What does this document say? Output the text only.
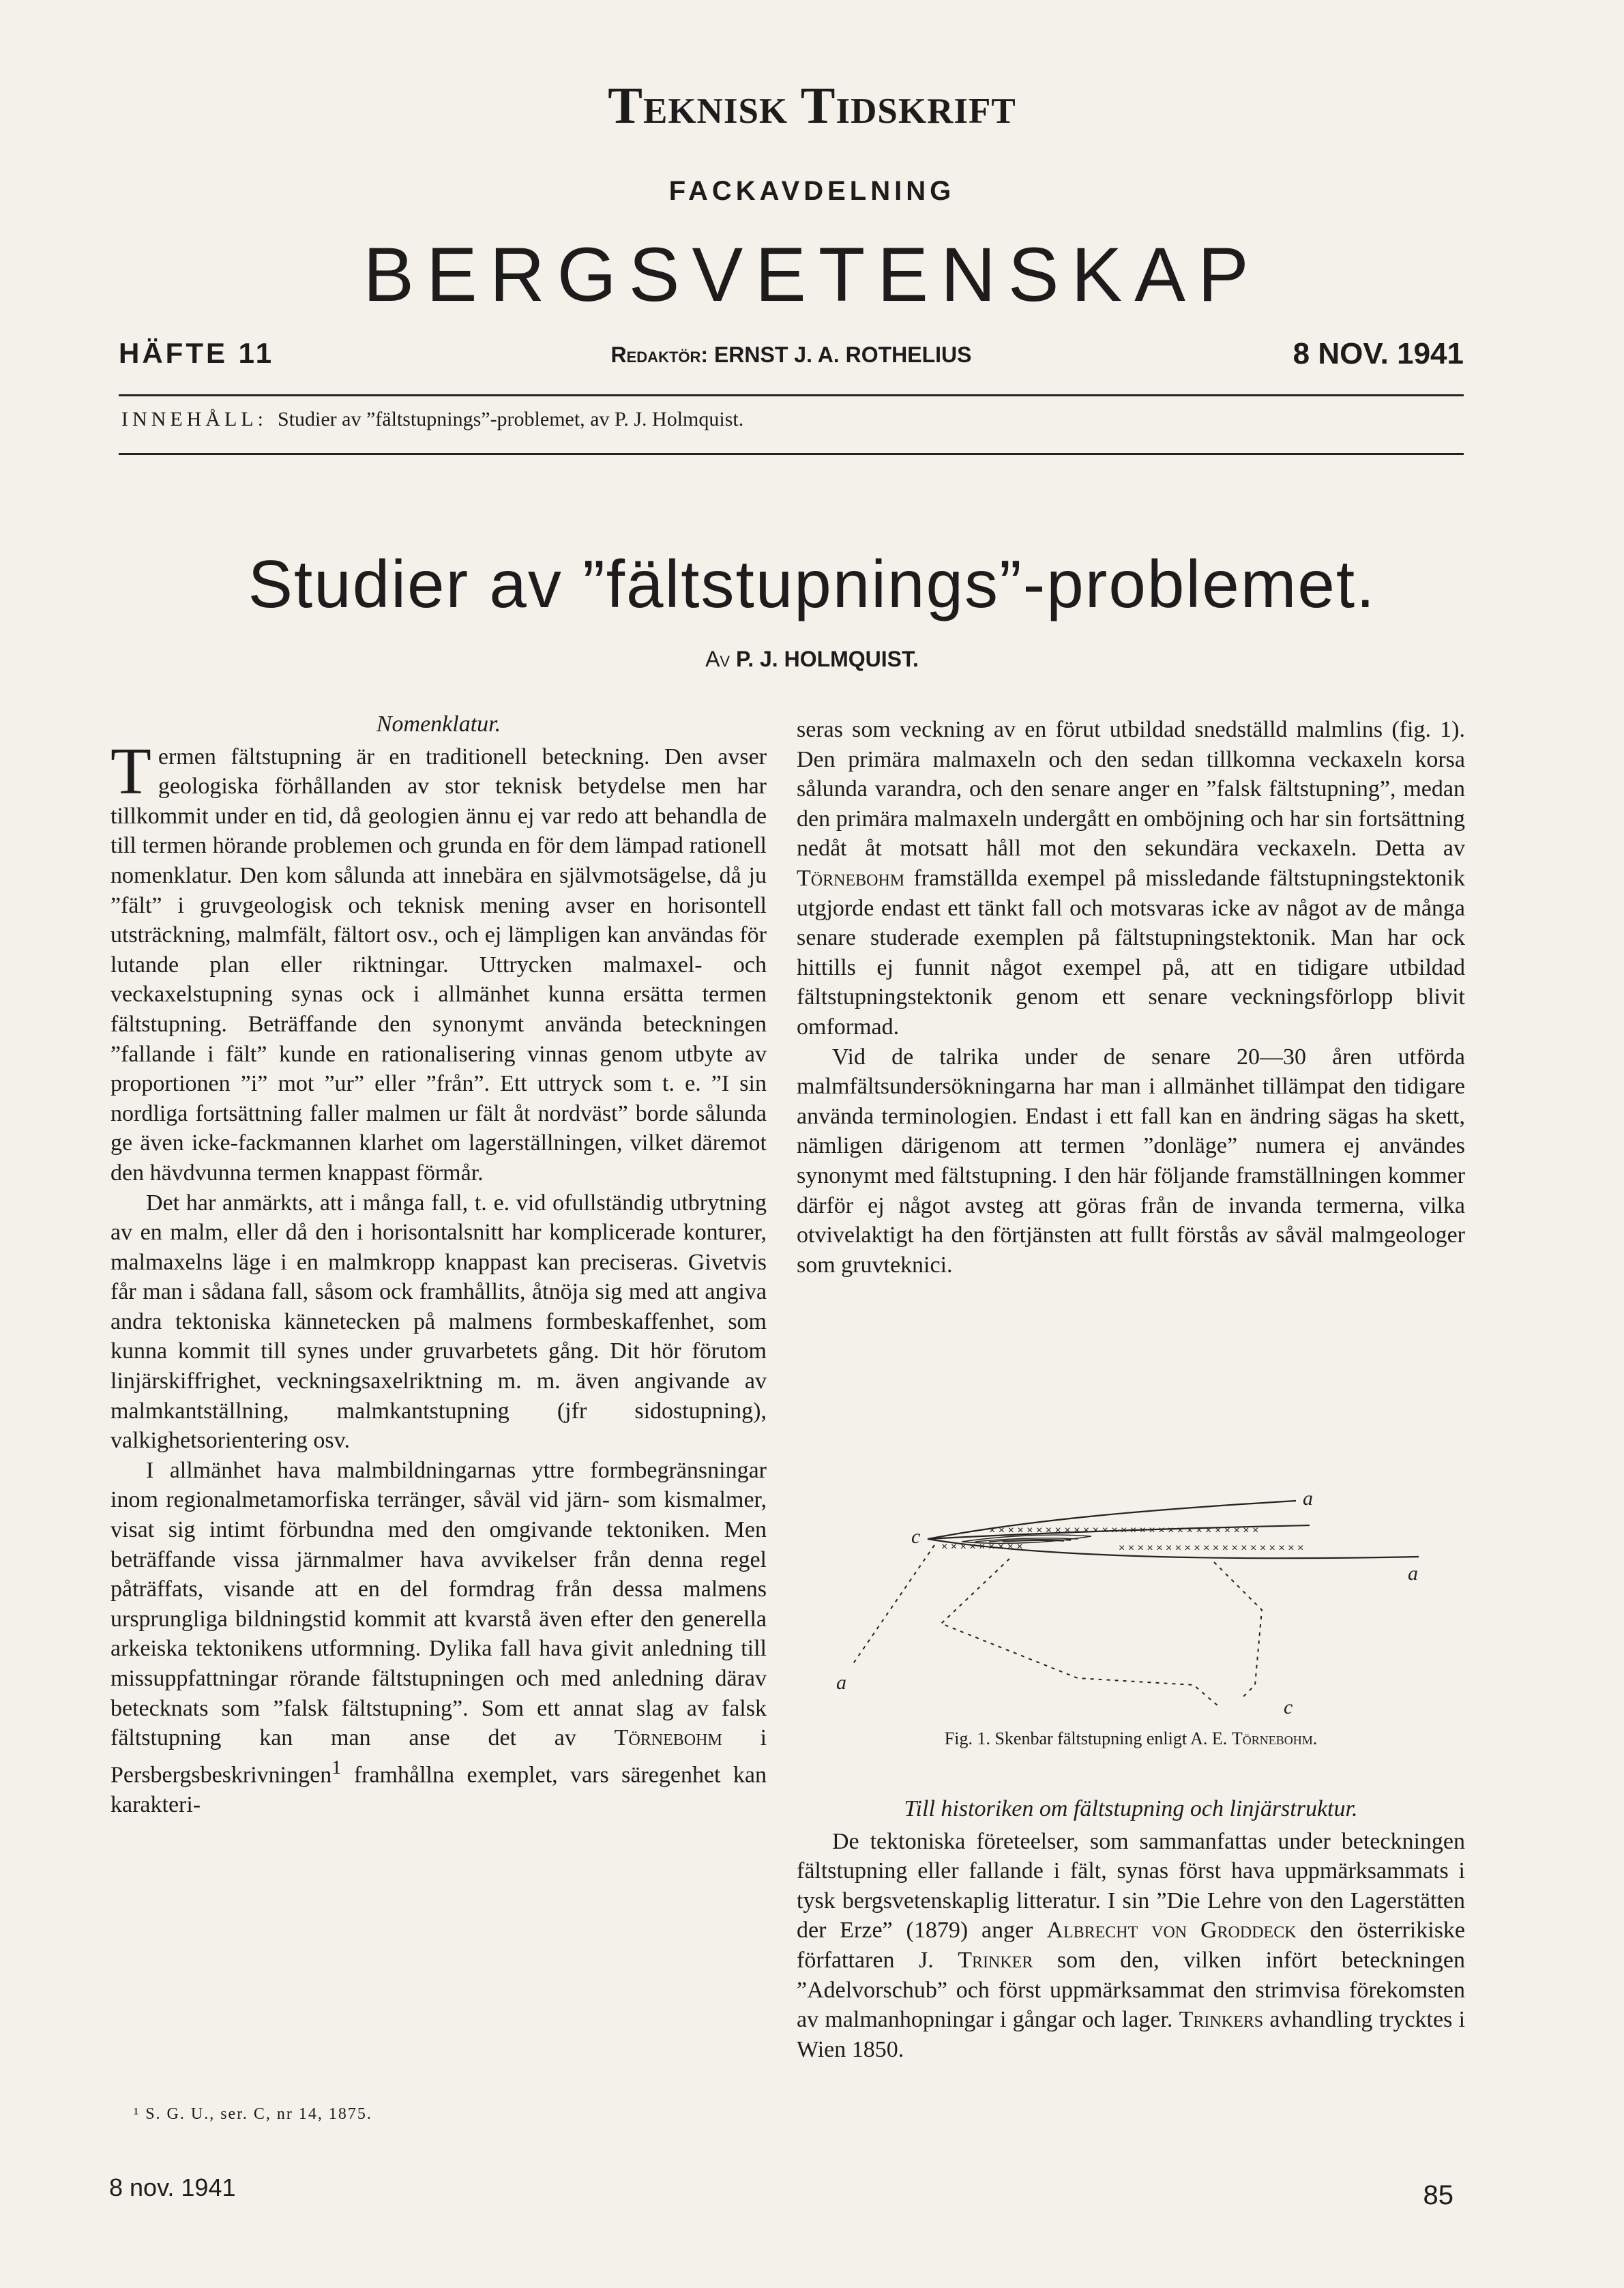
Teknisk Tidskrift
FACKAVDELNING
BERGSVETENSKAP
HÄFTE 11	Redaktör: ERNST J. A. ROTHELIUS	8 NOV. 1941
INNEHÅLL: Studier av ”fältstupnings”-problemet, av P. J. Holmquist.
Studier av ”fältstupnings”-problemet.
Av P. J. HOLMQUIST.
Nomenklatur.

Termen fältstupning är en traditionell beteckning. Den avser geologiska förhållanden av stor teknisk betydelse men har tillkommit under en tid, då geologien ännu ej var redo att behandla de till termen hörande problemen och grunda en för dem lämpad rationell nomenklatur. Den kom sålunda att innebära en självmotsägelse, då ju ”fält” i gruvgeologisk och teknisk mening avser en horisontell utsträckning, malmfält, fältort osv., och ej lämpligen kan användas för lutande plan eller riktningar. Uttrycken malmaxel- och veckaxelstupning synas ock i allmänhet kunna ersätta termen fältstupning. Beträffande den synonymt använda beteckningen ”fallande i fält” kunde en rationalisering vinnas genom utbyte av proportionen ”i” mot ”ur” eller ”från”. Ett uttryck som t. e. ”I sin nordliga fortsättning faller malmen ur fält åt nordväst” borde sålunda ge även icke-fackmannen klarhet om lagerställningen, vilket däremot den hävdvunna termen knappast förmår.

Det har anmärkts, att i många fall, t. e. vid ofullständig utbrytning av en malm, eller då den i horisontalsnitt har komplicerade konturer, malmaxelns läge i en malmkropp knappast kan preciseras. Givetvis får man i sådana fall, såsom ock framhållits, åtnöja sig med att angiva andra tektoniska kännetecken på malmens formbeskaffenhet, som kunna kommit till synes under gruvarbetets gång. Dit hör förutom linjärskiffrighet, veckningsaxelriktning m. m. även angivande av malmkantställning, malmkantstupning (jfr sidostupning), valkighetsorientering osv.

I allmänhet hava malmbildningarnas yttre formbegränsningar inom regionalmetamorfiska terränger, såväl vid järn- som kismalmer, visat sig intimt förbundna med den omgivande tektoniken. Men beträffande vissa järnmalmer hava avvikelser från denna regel påträffats, visande att en del formdrag från dessa malmens ursprungliga bildningstid kommit att kvarstå även efter den generella arkeiska tektonikens utformning. Dylika fall hava givit anledning till missuppfattningar rörande fältstupningen och med anledning därav betecknats som ”falsk fältstupning”. Som ett annat slag av falsk fältstupning kan man anse det av Törnebohm i Persbergsbeskrivningen$^1$ framhållna exemplet, vars säregenhet kan karakteri-

seras som veckning av en förut utbildad snedställd malmlins (fig. 1). Den primära malmaxeln och den sedan tillkomna veckaxeln korsa sålunda varandra, och den senare anger en ”falsk fältstupning”, medan den primära malmaxeln undergått en omböjning och har sin fortsättning nedåt åt motsatt håll mot den sekundära veckaxeln. Detta av Törnebohm framställda exempel på missledande fältstupningstektonik utgjorde endast ett tänkt fall och motsvaras icke av något av de många senare studerade exemplen på fältstupningstektonik. Man har ock hittills ej funnit något exempel på, att en tidigare utbildad fältstupningstektonik genom ett senare veckningsförlopp blivit omformad.

Vid de talrika under de senare 20—30 åren utförda malmfältsundersökningarna har man i allmänhet tillämpat den tidigare använda terminologien. Endast i ett fall kan en ändring sägas ha skett, nämligen därigenom att termen ”donläge” numera ej användes synonymt med fältstupning. I den här följande framställningen kommer därför ej något avsteg att göras från de invanda termerna, vilka otvivelaktigt ha den förtjänsten att fullt förstås av såväl malmgeologer som gruvteknici.

× × × × × × × × × × × × × × × × × × × × × × × × × × × × ×
× × × × × × × × ×	× × × × × × × × × × × × × × × × × × × ×
a
c
a
a
c
Fig. 1. Skenbar fältstupning enligt A. E. Törnebohm.
Till historiken om fältstupning och linjärstruktur.

De tektoniska företeelser, som sammanfattas under beteckningen fältstupning eller fallande i fält, synas först hava uppmärksammats i tysk bergsvetenskaplig litteratur. I sin ”Die Lehre von den Lagerstätten der Erze” (1879) anger Albrecht von Groddeck den österrikiske författaren J. Trinker som den, vilken infört beteckningen ”Adelvorschub” och först uppmärksammat den strimvisa förekomsten av malmanhopningar i gångar och lager. Trinkers avhandling trycktes i Wien 1850.

¹ S. G. U., ser. C, nr 14, 1875.
8 nov. 1941	85
